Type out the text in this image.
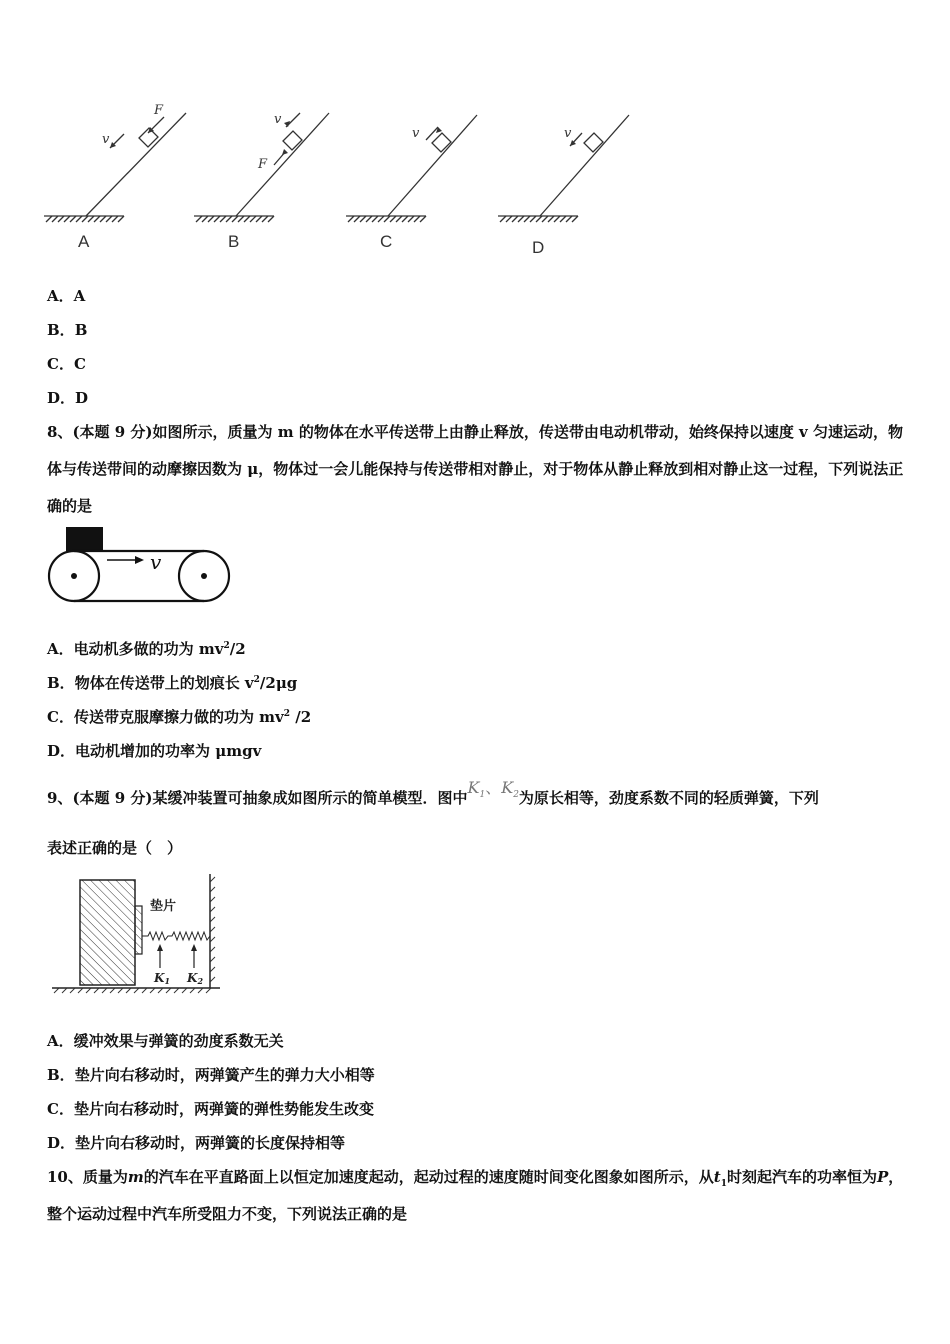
F
v
A
v
F
B
v
C
v
D
A．A
B．B
C．C
D．D
8、(本题 9 分)如图所示，质量为 m 的物体在水平传送带上由静止释放，传送带由电动机带动，始终保持以速度 v 匀速运动，物体与传送带间的动摩擦因数为 μ，物体过一会儿能保持与传送带相对静止，对于物体从静止释放到相对静止这一过程，下列说法正确的是
v
A．电动机多做的功为 $mv^2/2$
B．物体在传送带上的划痕长 $v^2/2\mu g$
C．传送带克服摩擦力做的功为 $mv^2$ /2
D．电动机增加的功率为 μmgv
9、(本题 9 分)某缓冲装置可抽象成如图所示的简单模型．图中$K_1$、$K_2$为原长相等，劲度系数不同的轻质弹簧，下列
表述正确的是（　）
垫片
K1 K2
A．缓冲效果与弹簧的劲度系数无关
B．垫片向右移动时，两弹簧产生的弹力大小相等
C．垫片向右移动时，两弹簧的弹性势能发生改变
D．垫片向右移动时，两弹簧的长度保持相等
10、质量为m的汽车在平直路面上以恒定加速度起动，起动过程的速度随时间变化图象如图所示，从$t_1$时刻起汽车的功率恒为P，整个运动过程中汽车所受阻力不变，下列说法正确的是
